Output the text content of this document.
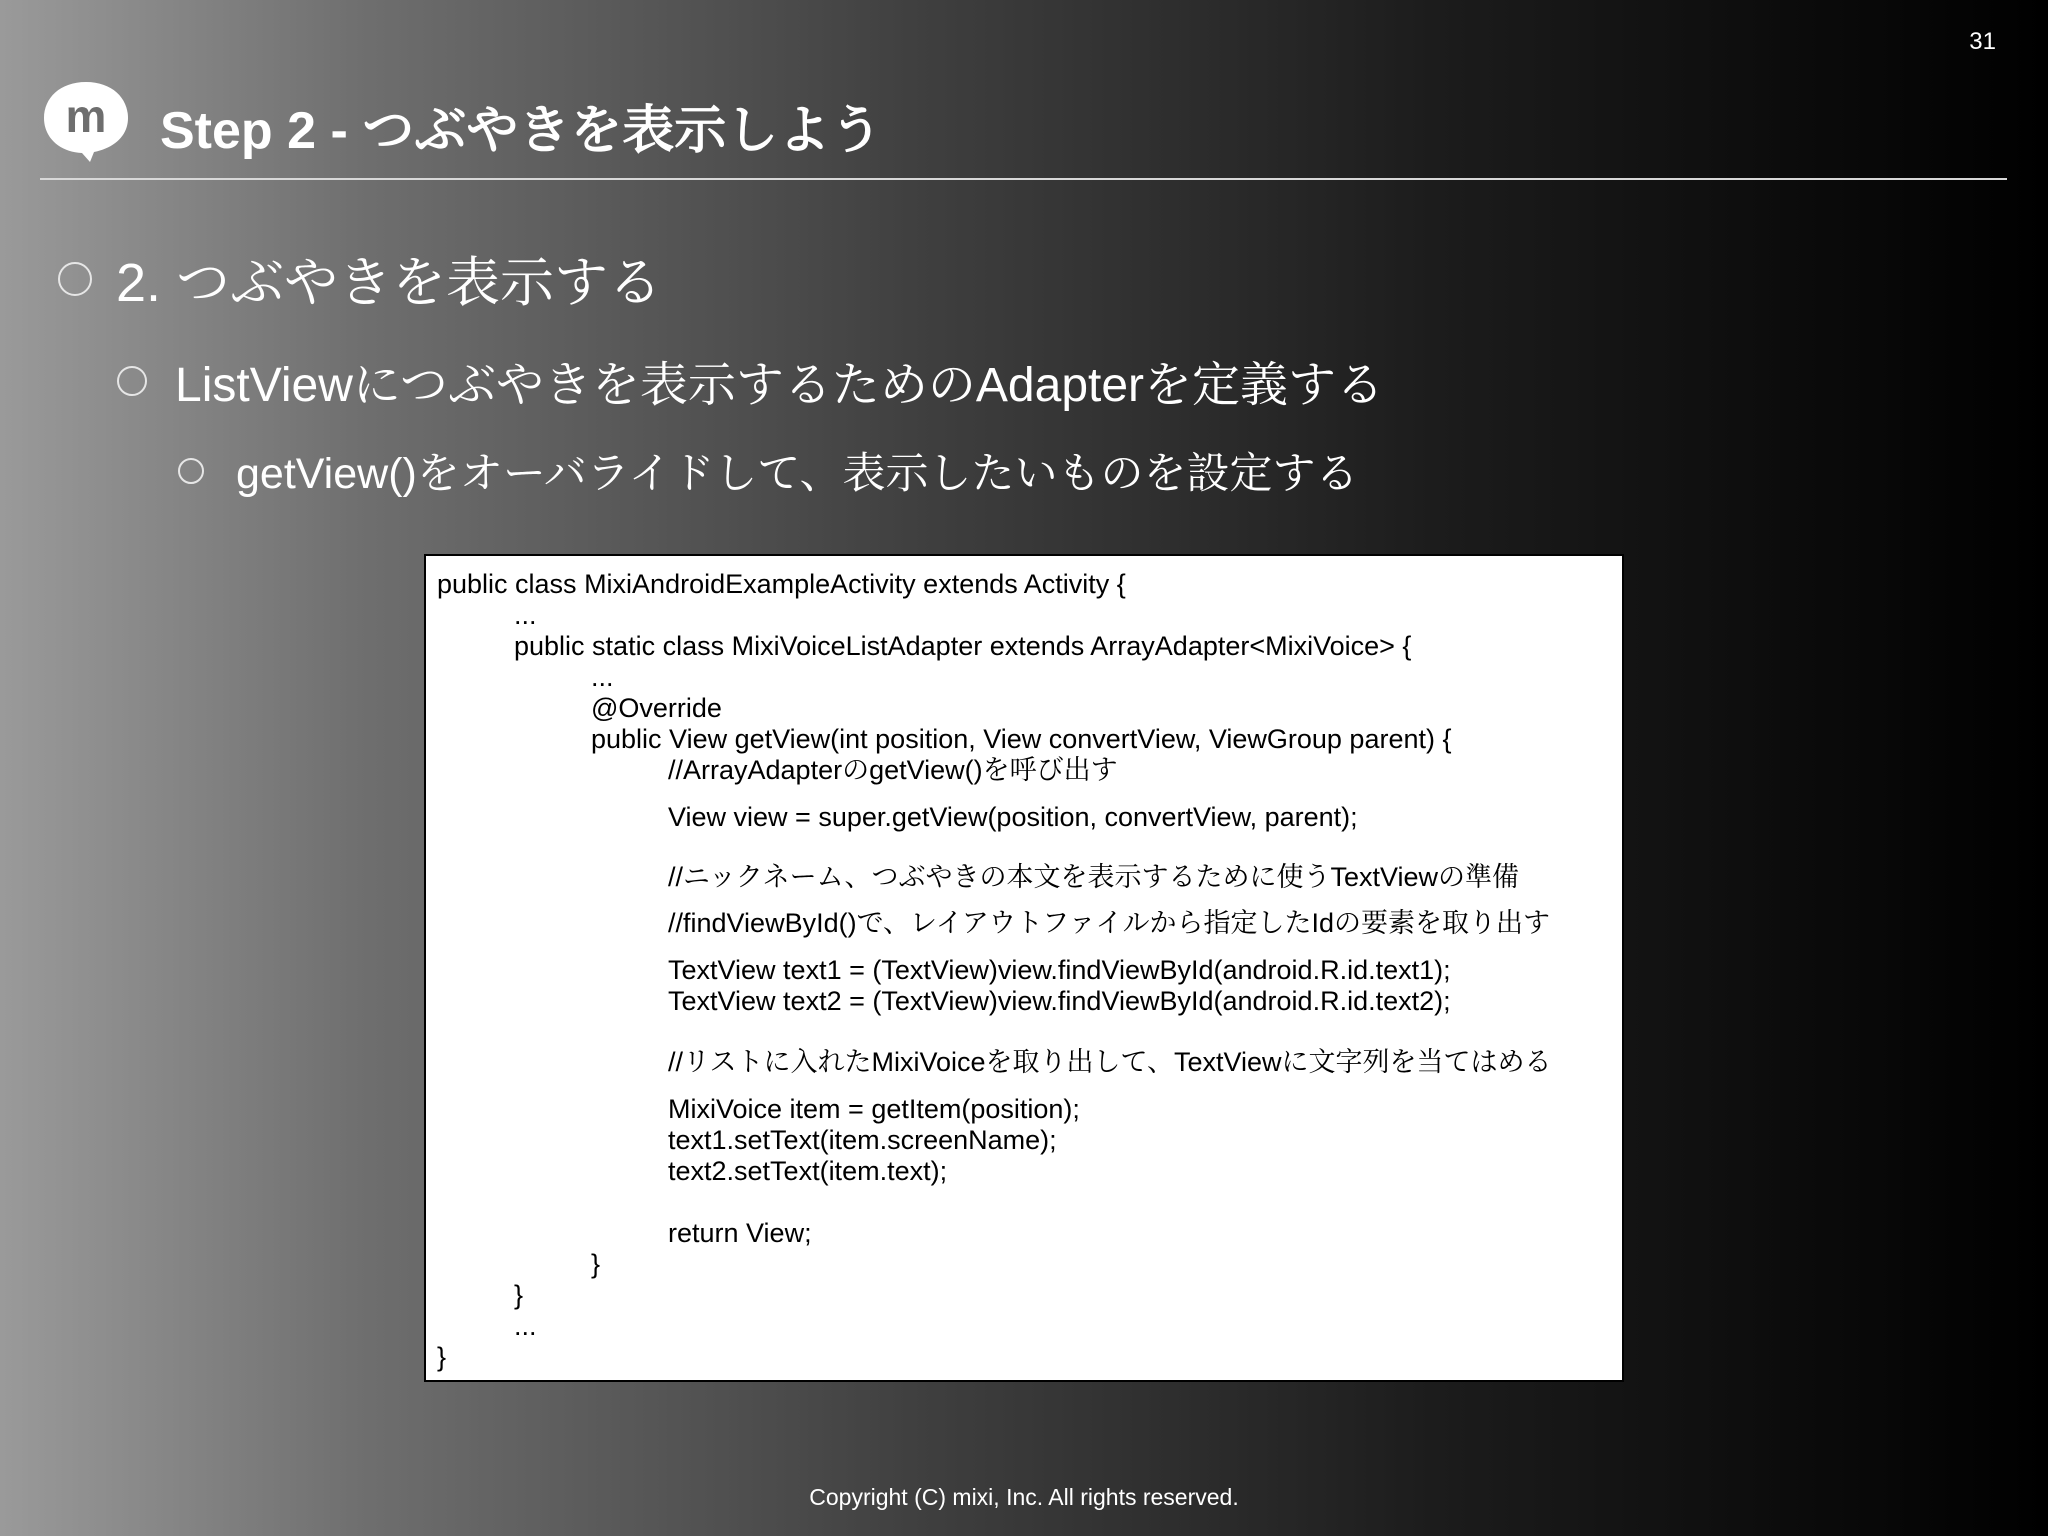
31
m Step 2 - つぶやきを表示しよう
2. つぶやきを表示する
ListViewにつぶやきを表示するためのAdapterを定義する
getView()をオーバライドして、表示したいものを設定する
public class MixiAndroidExampleActivity extends Activity {
...
public static class MixiVoiceListAdapter extends ArrayAdapter<MixiVoice> {
...
@Override
public View getView(int position, View convertView, ViewGroup parent) {
//ArrayAdapterのgetView()を呼び出す
View view = super.getView(position, convertView, parent);
//ニックネーム、つぶやきの本文を表示するために使うTextViewの準備
//findViewById()で、レイアウトファイルから指定したIdの要素を取り出す
TextView text1 = (TextView)view.findViewById(android.R.id.text1);
TextView text2 = (TextView)view.findViewById(android.R.id.text2);
//リストに入れたMixiVoiceを取り出して、TextViewに文字列を当てはめる
MixiVoice item = getItem(position);
text1.setText(item.screenName);
text2.setText(item.text);
return View;
}
}
...
}
Copyright (C) mixi, Inc. All rights reserved.
